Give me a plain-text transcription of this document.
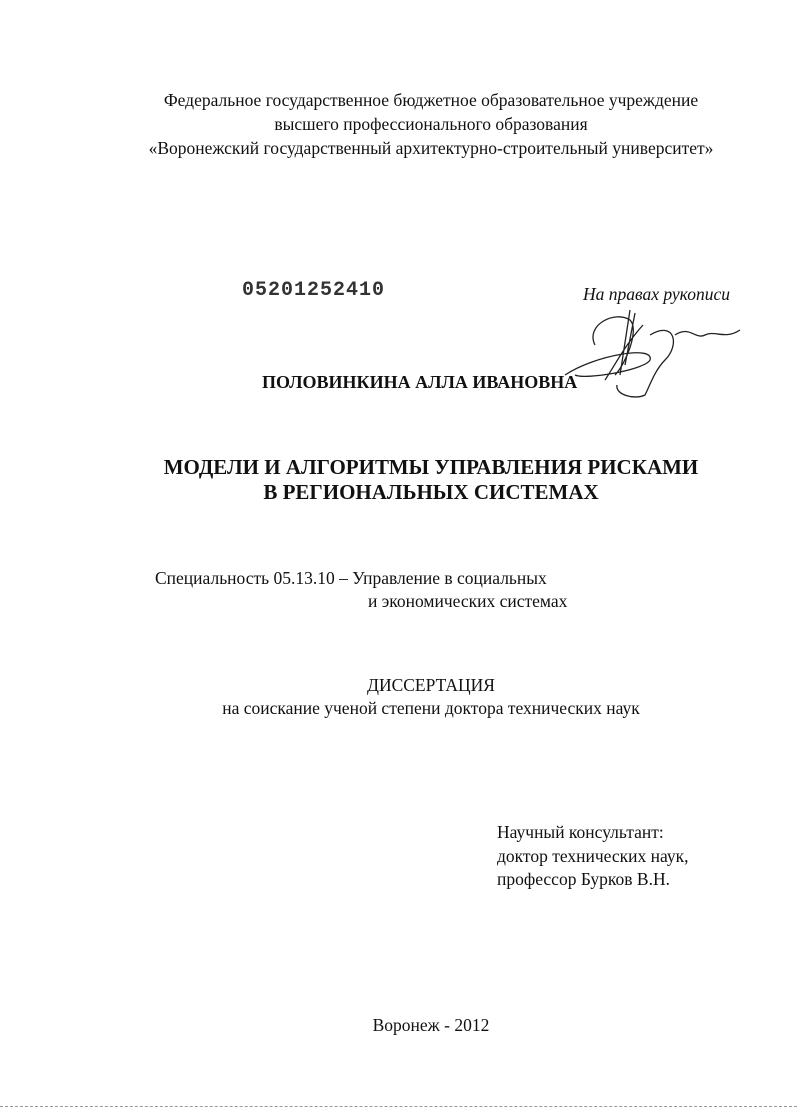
Федеральное государственное бюджетное образовательное учреждение
высшего профессионального образования
«Воронежский государственный архитектурно-строительный университет»
05201252410	На правах рукописи
ПОЛОВИНКИНА АЛЛА ИВАНОВНА
МОДЕЛИ И АЛГОРИТМЫ УПРАВЛЕНИЯ РИСКАМИ
В РЕГИОНАЛЬНЫХ СИСТЕМАХ
Специальность 05.13.10 – Управление в социальных
и экономических системах
ДИССЕРТАЦИЯ
на соискание ученой степени доктора технических наук
Научный консультант:
доктор технических наук,
профессор Бурков В.Н.
Воронеж - 2012
